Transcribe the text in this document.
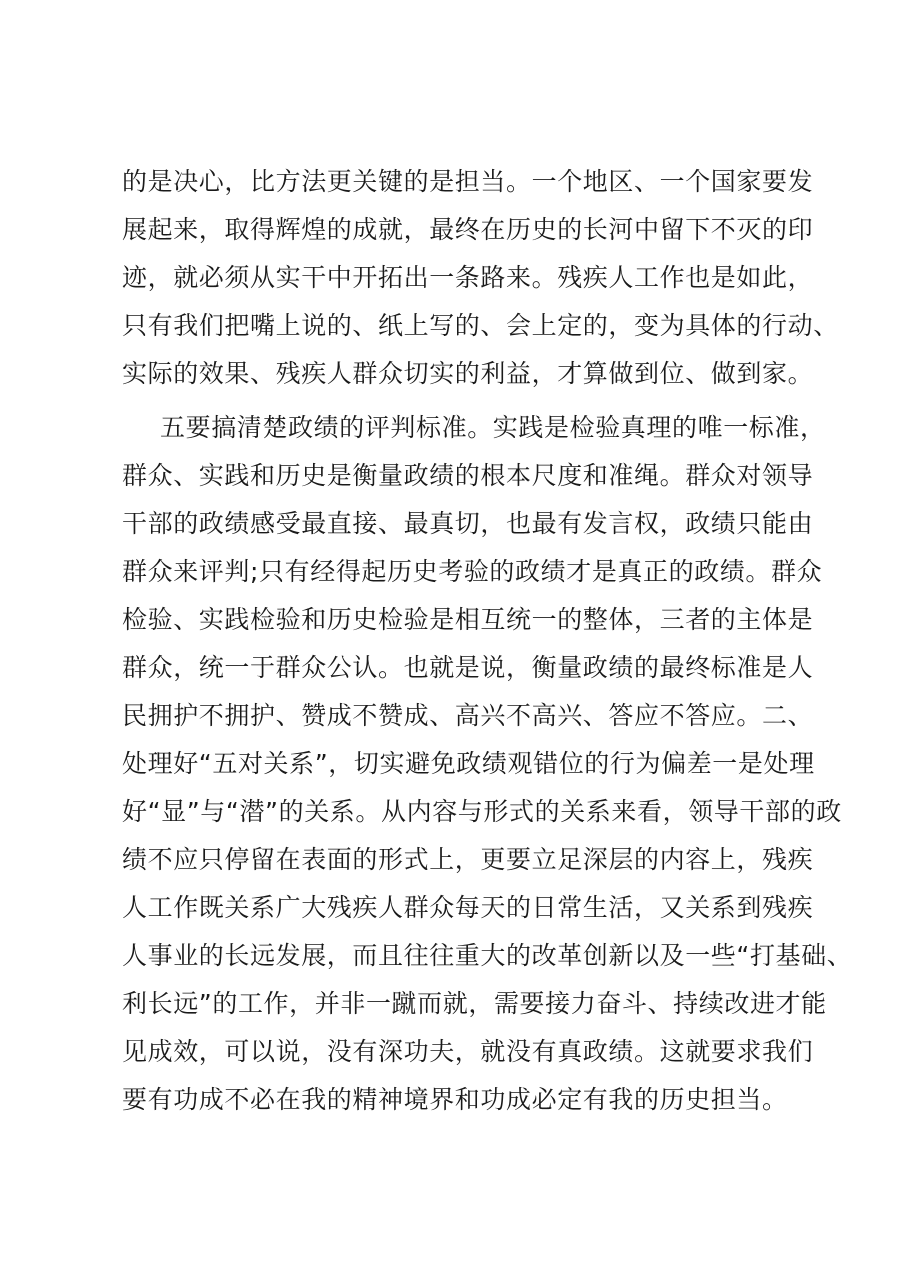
的是决心，比方法更关键的是担当。一个地区、一个国家要发
展起来，取得辉煌的成就，最终在历史的长河中留下不灭的印
迹，就必须从实干中开拓出一条路来。残疾人工作也是如此，
只有我们把嘴上说的、纸上写的、会上定的，变为具体的行动、
实际的效果、残疾人群众切实的利益，才算做到位、做到家。
五要搞清楚政绩的评判标准。实践是检验真理的唯一标准，
群众、实践和历史是衡量政绩的根本尺度和准绳。群众对领导
干部的政绩感受最直接、最真切，也最有发言权，政绩只能由
群众来评判;只有经得起历史考验的政绩才是真正的政绩。群众
检验、实践检验和历史检验是相互统一的整体，三者的主体是
群众，统一于群众公认。也就是说，衡量政绩的最终标准是人
民拥护不拥护、赞成不赞成、高兴不高兴、答应不答应。二、
处理好“五对关系”，切实避免政绩观错位的行为偏差一是处理
好“显”与“潜”的关系。从内容与形式的关系来看，领导干部的政
绩不应只停留在表面的形式上，更要立足深层的内容上，残疾
人工作既关系广大残疾人群众每天的日常生活，又关系到残疾
人事业的长远发展，而且往往重大的改革创新以及一些“打基础、
利长远”的工作，并非一蹴而就，需要接力奋斗、持续改进才能
见成效，可以说，没有深功夫，就没有真政绩。这就要求我们
要有功成不必在我的精神境界和功成必定有我的历史担当。
